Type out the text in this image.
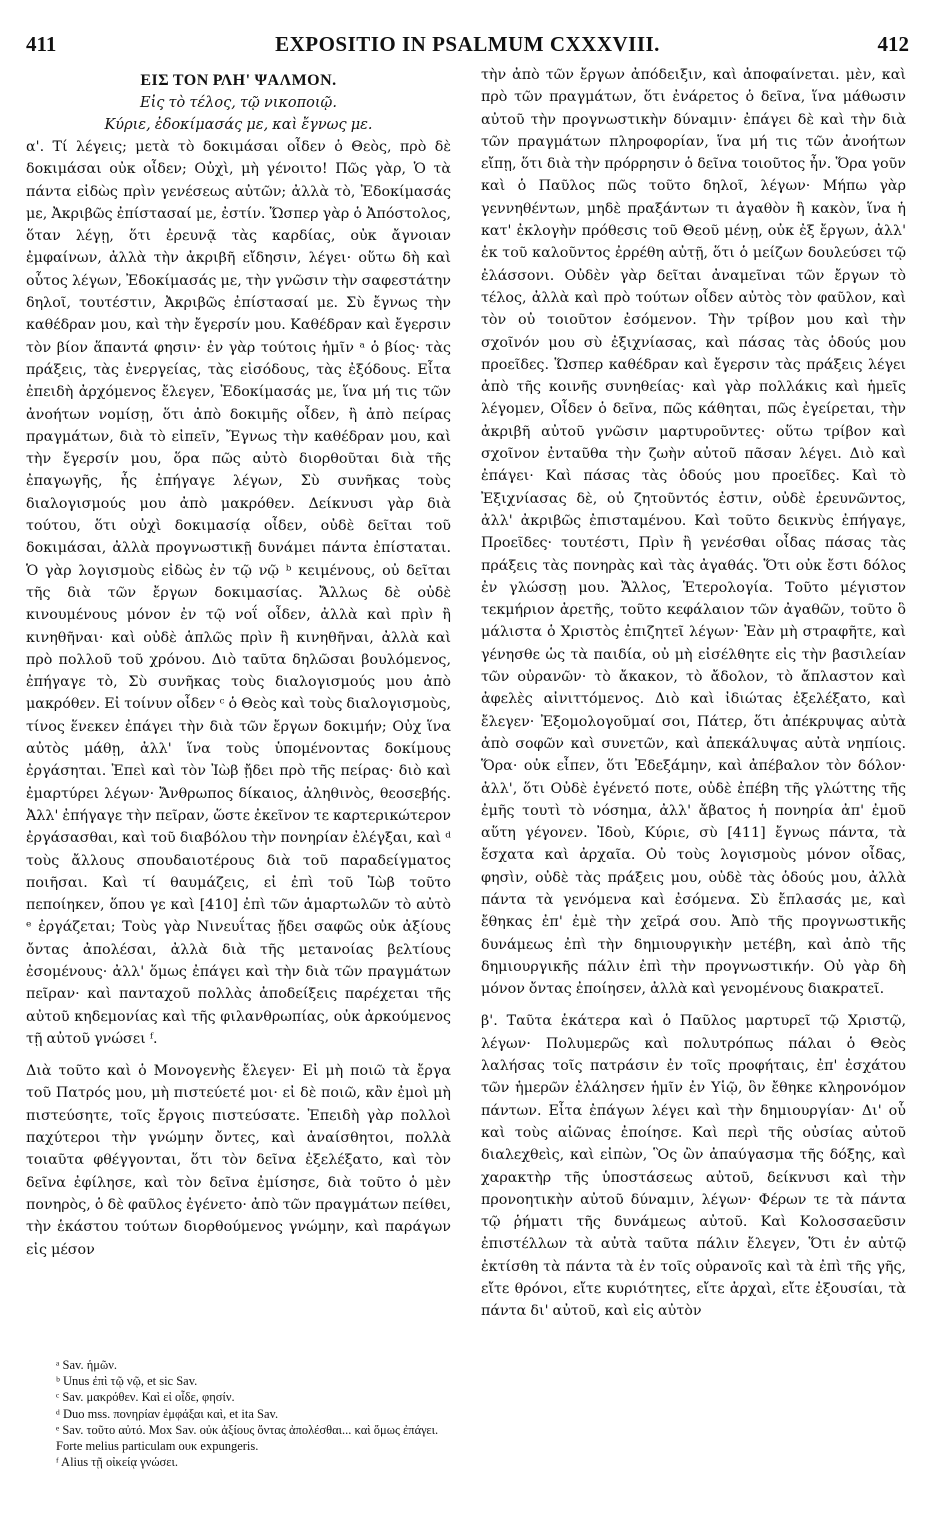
411	EXPOSITIO IN PSALMUM CXXXVIII.	412

ΕΙΣ ΤΟΝ ΡΛΗ' ΨΑΛΜΟΝ.

Εἰς τὸ τέλος, τῷ νικοποιῷ.

Κύριε, ἐδοκίμασάς με, καὶ ἔγνως με.

α'. Τί λέγεις; μετὰ τὸ δοκιμάσαι οἶδεν ὁ Θεὸς, πρὸ δὲ δοκιμάσαι οὐκ οἶδεν; Οὐχὶ, μὴ γένοιτο! Πῶς γὰρ, Ὁ τὰ πάντα εἰδὼς πρὶν γενέσεως αὐτῶν; ἀλλὰ τὸ, Ἐδοκίμασάς με, Ἀκριβῶς ἐπίστασαί με, ἐστίν. Ὥσπερ γὰρ ὁ Ἀπόστολος, ὅταν λέγῃ, ὅτι ἐρευνᾷ τὰς καρδίας, οὐκ ἄγνοιαν ἐμφαίνων, ἀλλὰ τὴν ἀκριβῆ εἴδησιν, λέγει· οὕτω δὴ καὶ οὗτος λέγων, Ἐδοκίμασάς με, τὴν γνῶσιν τὴν σαφεστάτην δηλοῖ, τουτέστιν, Ἀκριβῶς ἐπίστασαί με. Σὺ ἔγνως τὴν καθέδραν μου, καὶ τὴν ἔγερσίν μου. Καθέδραν καὶ ἔγερσιν τὸν βίον ἅπαντά φησιν· ἐν γὰρ τούτοις ἡμῖν ᵃ ὁ βίος· τὰς πράξεις, τὰς ἐνεργείας, τὰς εἰσόδους, τὰς ἐξόδους. Εἶτα ἐπειδὴ ἀρχόμενος ἔλεγεν, Ἐδοκίμασάς με, ἵνα μή τις τῶν ἀνοήτων νομίσῃ, ὅτι ἀπὸ δοκιμῆς οἶδεν, ἢ ἀπὸ πείρας πραγμάτων, διὰ τὸ εἰπεῖν, Ἔγνως τὴν καθέδραν μου, καὶ τὴν ἔγερσίν μου, ὅρα πῶς αὐτὸ διορθοῦται διὰ τῆς ἐπαγωγῆς, ἧς ἐπήγαγε λέγων, Σὺ συνῆκας τοὺς διαλογισμούς μου ἀπὸ μακρόθεν. Δείκνυσι γὰρ διὰ τούτου, ὅτι οὐχὶ δοκιμασίᾳ οἶδεν, οὐδὲ δεῖται τοῦ δοκιμάσαι, ἀλλὰ προγνωστικῇ δυνάμει πάντα ἐπίσταται. Ὁ γὰρ λογισμοὺς εἰδὼς ἐν τῷ νῷ ᵇ κειμένους, οὐ δεῖται τῆς διὰ τῶν ἔργων δοκιμασίας. Ἄλλως δὲ οὐδὲ κινουμένους μόνον ἐν τῷ νοΐ οἶδεν, ἀλλὰ καὶ πρὶν ἢ κινηθῆναι· καὶ οὐδὲ ἁπλῶς πρὶν ἢ κινηθῆναι, ἀλλὰ καὶ πρὸ πολλοῦ τοῦ χρόνου. Διὸ ταῦτα δηλῶσαι βουλόμενος, ἐπήγαγε τὸ, Σὺ συνῆκας τοὺς διαλογισμούς μου ἀπὸ μακρόθεν. Εἰ τοίνυν οἶδεν ᶜ ὁ Θεὸς καὶ τοὺς διαλογισμοὺς, τίνος ἕνεκεν ἐπάγει τὴν διὰ τῶν ἔργων δοκιμήν; Οὐχ ἵνα αὐτὸς μάθῃ, ἀλλ' ἵνα τοὺς ὑπομένοντας δοκίμους ἐργάσηται. Ἐπεὶ καὶ τὸν Ἰὼβ ᾔδει πρὸ τῆς πείρας· διὸ καὶ ἐμαρτύρει λέγων· Ἄνθρωπος δίκαιος, ἀληθινὸς, θεοσεβής. Ἀλλ' ἐπήγαγε τὴν πεῖραν, ὥστε ἐκεῖνον τε καρτερικώτερον ἐργάσασθαι, καὶ τοῦ διαβόλου τὴν πονηρίαν ἐλέγξαι, καὶ ᵈ τοὺς ἄλλους σπουδαιοτέρους διὰ τοῦ παραδείγματος ποιῆσαι. Καὶ τί θαυμάζεις, εἰ ἐπὶ τοῦ Ἰὼβ τοῦτο πεποίηκεν, ὅπου γε καὶ [410] ἐπὶ τῶν ἁμαρτωλῶν τὸ αὐτὸ ᵉ ἐργάζεται; Τοὺς γὰρ Νινευΐτας ᾔδει σαφῶς οὐκ ἀξίους ὄντας ἀπολέσαι, ἀλλὰ διὰ τῆς μετανοίας βελτίους ἐσομένους· ἀλλ' ὅμως ἐπάγει καὶ τὴν διὰ τῶν πραγμάτων πεῖραν· καὶ πανταχοῦ πολλὰς ἀποδείξεις παρέχεται τῆς αὐτοῦ κηδεμονίας καὶ τῆς φιλανθρωπίας, οὐκ ἀρκούμενος τῇ αὐτοῦ γνώσει ᶠ.

Διὰ τοῦτο καὶ ὁ Μονογενὴς ἔλεγεν· Εἰ μὴ ποιῶ τὰ ἔργα τοῦ Πατρός μου, μὴ πιστεύετέ μοι· εἰ δὲ ποιῶ, κἂν ἐμοὶ μὴ πιστεύσητε, τοῖς ἔργοις πιστεύσατε. Ἐπειδὴ γὰρ πολλοὶ παχύτεροι τὴν γνώμην ὄντες, καὶ ἀναίσθητοι, πολλὰ τοιαῦτα φθέγγονται, ὅτι τὸν δεῖνα ἐξελέξατο, καὶ τὸν δεῖνα ἐφίλησε, καὶ τὸν δεῖνα ἐμίσησε, διὰ τοῦτο ὁ μὲν πονηρὸς, ὁ δὲ φαῦλος ἐγένετο· ἀπὸ τῶν πραγμάτων πείθει, τὴν ἑκάστου τούτων διορθούμενος γνώμην, καὶ παράγων εἰς μέσον

τὴν ἀπὸ τῶν ἔργων ἀπόδειξιν, καὶ ἀποφαίνεται. μὲν, καὶ πρὸ τῶν πραγμάτων, ὅτι ἐνάρετος ὁ δεῖνα, ἵνα μάθωσιν αὐτοῦ τὴν προγνωστικὴν δύναμιν· ἐπάγει δὲ καὶ τὴν διὰ τῶν πραγμάτων πληροφορίαν, ἵνα μή τις τῶν ἀνοήτων εἴπῃ, ὅτι διὰ τὴν πρόρρησιν ὁ δεῖνα τοιοῦτος ἦν. Ὅρα γοῦν καὶ ὁ Παῦλος πῶς τοῦτο δηλοῖ, λέγων· Μήπω γὰρ γεννηθέντων, μηδὲ πραξάντων τι ἀγαθὸν ἢ κακὸν, ἵνα ἡ κατ' ἐκλογὴν πρόθεσις τοῦ Θεοῦ μένῃ, οὐκ ἐξ ἔργων, ἀλλ' ἐκ τοῦ καλοῦντος ἐρρέθη αὐτῇ, ὅτι ὁ μείζων δουλεύσει τῷ ἐλάσσονι. Οὐδὲν γὰρ δεῖται ἀναμεῖναι τῶν ἔργων τὸ τέλος, ἀλλὰ καὶ πρὸ τούτων οἶδεν αὐτὸς τὸν φαῦλον, καὶ τὸν οὐ τοιοῦτον ἐσόμενον. Τὴν τρίβον μου καὶ τὴν σχοῖνόν μου σὺ ἐξιχνίασας, καὶ πάσας τὰς ὁδούς μου προεῖδες. Ὥσπερ καθέδραν καὶ ἔγερσιν τὰς πράξεις λέγει ἀπὸ τῆς κοινῆς συνηθείας· καὶ γὰρ πολλάκις καὶ ἡμεῖς λέγομεν, Οἶδεν ὁ δεῖνα, πῶς κάθηται, πῶς ἐγείρεται, τὴν ἀκριβῆ αὐτοῦ γνῶσιν μαρτυροῦντες· οὕτω τρίβον καὶ σχοῖνον ἐνταῦθα τὴν ζωὴν αὐτοῦ πᾶσαν λέγει. Διὸ καὶ ἐπάγει· Καὶ πάσας τὰς ὁδούς μου προεῖδες. Καὶ τὸ Ἐξιχνίασας δὲ, οὐ ζητοῦντός ἐστιν, οὐδὲ ἐρευνῶντος, ἀλλ' ἀκριβῶς ἐπισταμένου. Καὶ τοῦτο δεικνὺς ἐπήγαγε, Προεῖδες· τουτέστι, Πρὶν ἢ γενέσθαι οἶδας πάσας τὰς πράξεις τὰς πονηρὰς καὶ τὰς ἀγαθάς. Ὅτι οὐκ ἔστι δόλος ἐν γλώσσῃ μου. Ἄλλος, Ἑτερολογία. Τοῦτο μέγιστον τεκμήριον ἀρετῆς, τοῦτο κεφάλαιον τῶν ἀγαθῶν, τοῦτο ὃ μάλιστα ὁ Χριστὸς ἐπιζητεῖ λέγων· Ἐὰν μὴ στραφῆτε, καὶ γένησθε ὡς τὰ παιδία, οὐ μὴ εἰσέλθητε εἰς τὴν βασιλείαν τῶν οὐρανῶν· τὸ ἄκακον, τὸ ἄδολον, τὸ ἄπλαστον καὶ ἀφελὲς αἰνιττόμενος. Διὸ καὶ ἰδιώτας ἐξελέξατο, καὶ ἔλεγεν· Ἐξομολογοῦμαί σοι, Πάτερ, ὅτι ἀπέκρυψας αὐτὰ ἀπὸ σοφῶν καὶ συνετῶν, καὶ ἀπεκάλυψας αὐτὰ νηπίοις. Ὅρα· οὐκ εἶπεν, ὅτι Ἐδεξάμην, καὶ ἀπέβαλον τὸν δόλον· ἀλλ', ὅτι Οὐδὲ ἐγένετό ποτε, οὐδὲ ἐπέβη τῆς γλώττης τῆς ἐμῆς τουτὶ τὸ νόσημα, ἀλλ' ἄβατος ἡ πονηρία ἀπ' ἐμοῦ αὕτη γέγονεν. Ἰδοὺ, Κύριε, σὺ [411] ἔγνως πάντα, τὰ ἔσχατα καὶ ἀρχαῖα. Οὐ τοὺς λογισμοὺς μόνον οἶδας, φησὶν, οὐδὲ τὰς πράξεις μου, οὐδὲ τὰς ὁδούς μου, ἀλλὰ πάντα τὰ γενόμενα καὶ ἐσόμενα. Σὺ ἔπλασάς με, καὶ ἔθηκας ἐπ' ἐμὲ τὴν χεῖρά σου. Ἀπὸ τῆς προγνωστικῆς δυνάμεως ἐπὶ τὴν δημιουργικὴν μετέβη, καὶ ἀπὸ τῆς δημιουργικῆς πάλιν ἐπὶ τὴν προγνωστικήν. Οὐ γὰρ δὴ μόνον ὄντας ἐποίησεν, ἀλλὰ καὶ γενομένους διακρατεῖ.

β'. Ταῦτα ἑκάτερα καὶ ὁ Παῦλος μαρτυρεῖ τῷ Χριστῷ, λέγων· Πολυμερῶς καὶ πολυτρόπως πάλαι ὁ Θεὸς λαλήσας τοῖς πατράσιν ἐν τοῖς προφήταις, ἐπ' ἐσχάτου τῶν ἡμερῶν ἐλάλησεν ἡμῖν ἐν Υἱῷ, ὃν ἔθηκε κληρονόμον πάντων. Εἶτα ἐπάγων λέγει καὶ τὴν δημιουργίαν· Δι' οὗ καὶ τοὺς αἰῶνας ἐποίησε. Καὶ περὶ τῆς οὐσίας αὐτοῦ διαλεχθεὶς, καὶ εἰπὼν, Ὃς ὢν ἀπαύγασμα τῆς δόξης, καὶ χαρακτὴρ τῆς ὑποστάσεως αὐτοῦ, δείκνυσι καὶ τὴν προνοητικὴν αὐτοῦ δύναμιν, λέγων· Φέρων τε τὰ πάντα τῷ ῥήματι τῆς δυνάμεως αὐτοῦ. Καὶ Κολοσσαεῦσιν ἐπιστέλλων τὰ αὐτὰ ταῦτα πάλιν ἔλεγεν, Ὅτι ἐν αὐτῷ ἐκτίσθη τὰ πάντα τὰ ἐν τοῖς οὐρανοῖς καὶ τὰ ἐπὶ τῆς γῆς, εἴτε θρόνοι, εἴτε κυριότητες, εἴτε ἀρχαὶ, εἴτε ἐξουσίαι, τὰ πάντα δι' αὐτοῦ, καὶ εἰς αὐτὸν

ᵃ Sav. ἡμῶν.
ᵇ Unus ἐπὶ τῷ νῷ, et sic Sav.
ᶜ Sav. μακρόθεν. Καὶ εἰ οἶδε, φησίν.
ᵈ Duo mss. πονηρίαν ἐμφάξαι καὶ, et ita Sav.
ᵉ Sav. τοῦτο αὐτό. Mox Sav. οὐκ ἀξίους ὄντας ἀπολέσθαι... καὶ ὅμως ἐπάγει. Forte melius particulam ουκ expungeris.
ᶠ Alius τῇ οἰκείᾳ γνώσει.
